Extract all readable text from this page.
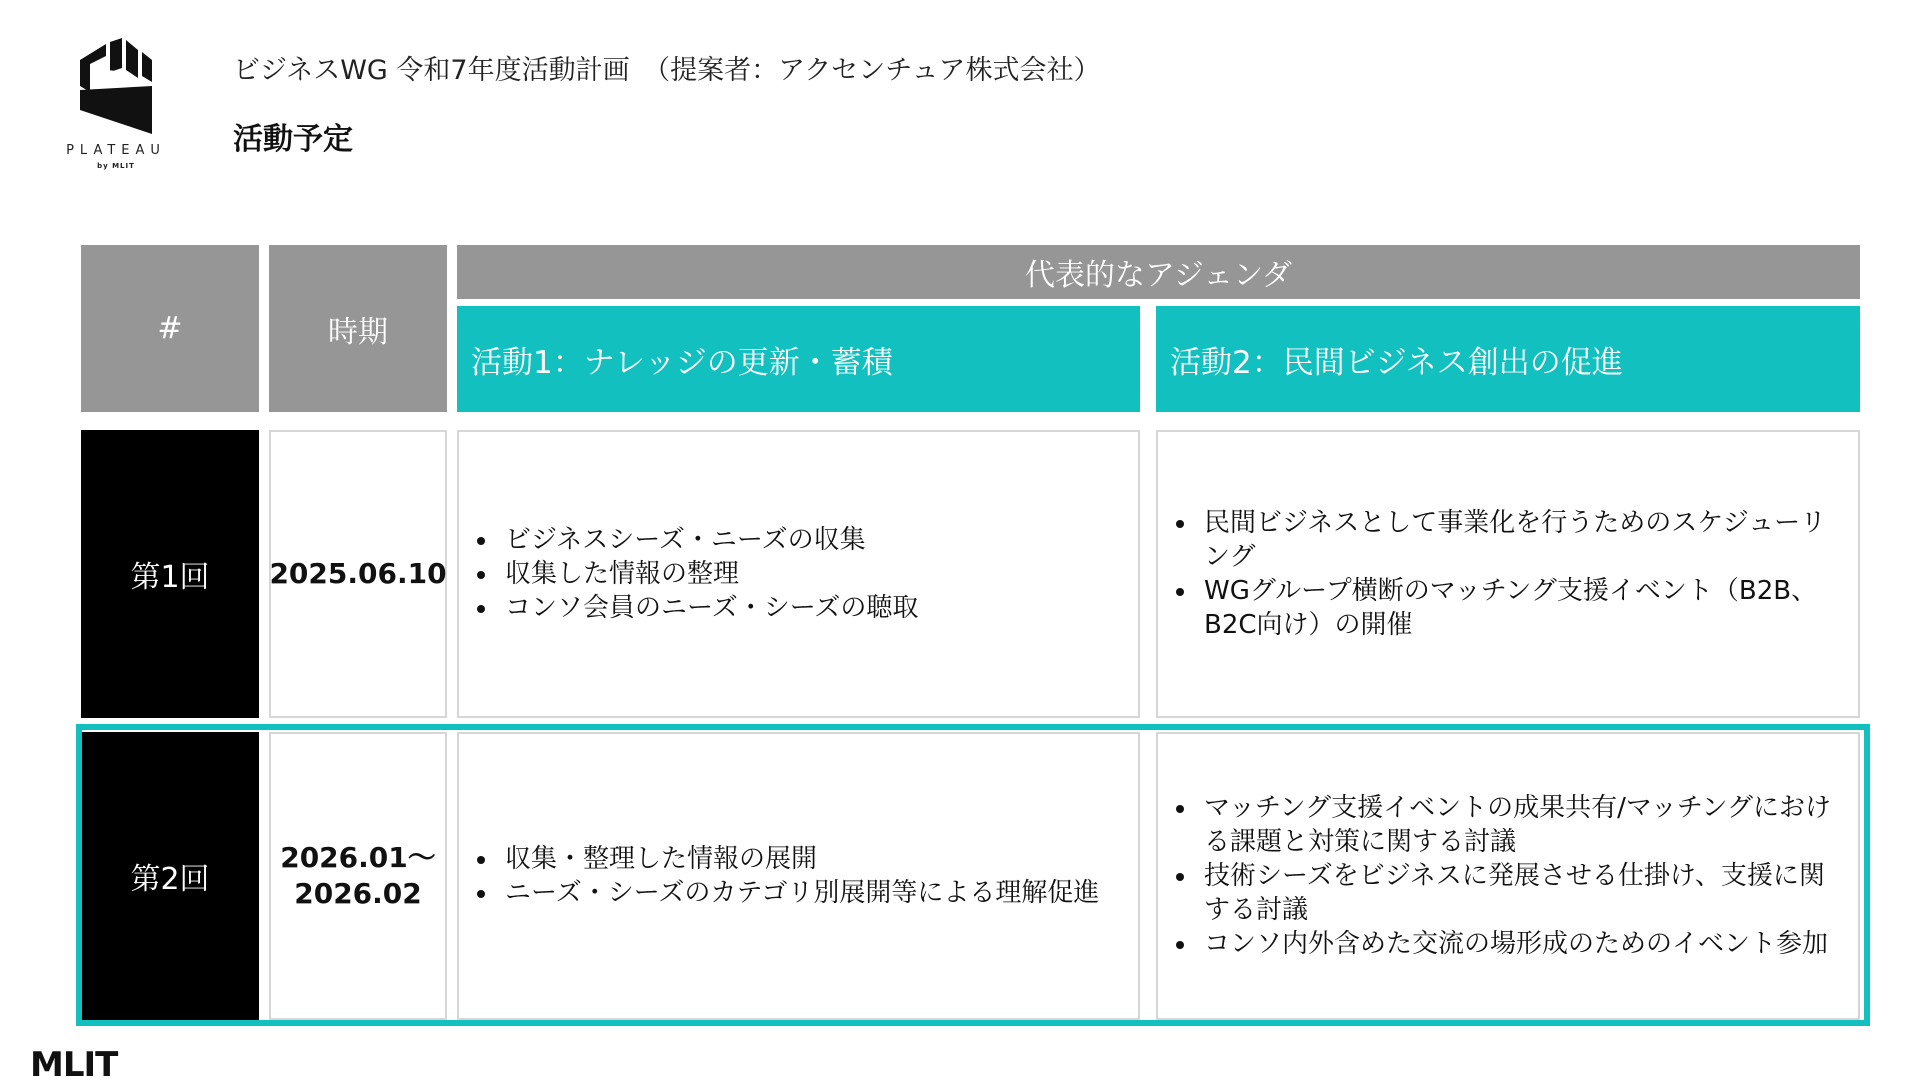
PLATEAU
by MLIT
ビジネスWG 令和7年度活動計画　（提案者：アクセンチュア株式会社）
活動予定
#	時期
代表的なアジェンダ
活動1：ナレッジの更新・蓄積	活動2：民間ビジネス創出の促進
第1回 2025.06.10
ビジネスシーズ・ニーズの収集
収集した情報の整理
コンソ会員のニーズ・シーズの聴取
民間ビジネスとして事業化を行うためのスケジューリング
WGグループ横断のマッチング支援イベント（B2B、B2C向け）の開催
第2回
2026.01～
2026.02
収集・整理した情報の展開
ニーズ・シーズのカテゴリ別展開等による理解促進
マッチング支援イベントの成果共有/マッチングにおける課題と対策に関する討議
技術シーズをビジネスに発展させる仕掛け、支援に関する討議
コンソ内外含めた交流の場形成のためのイベント参加
MLIT
